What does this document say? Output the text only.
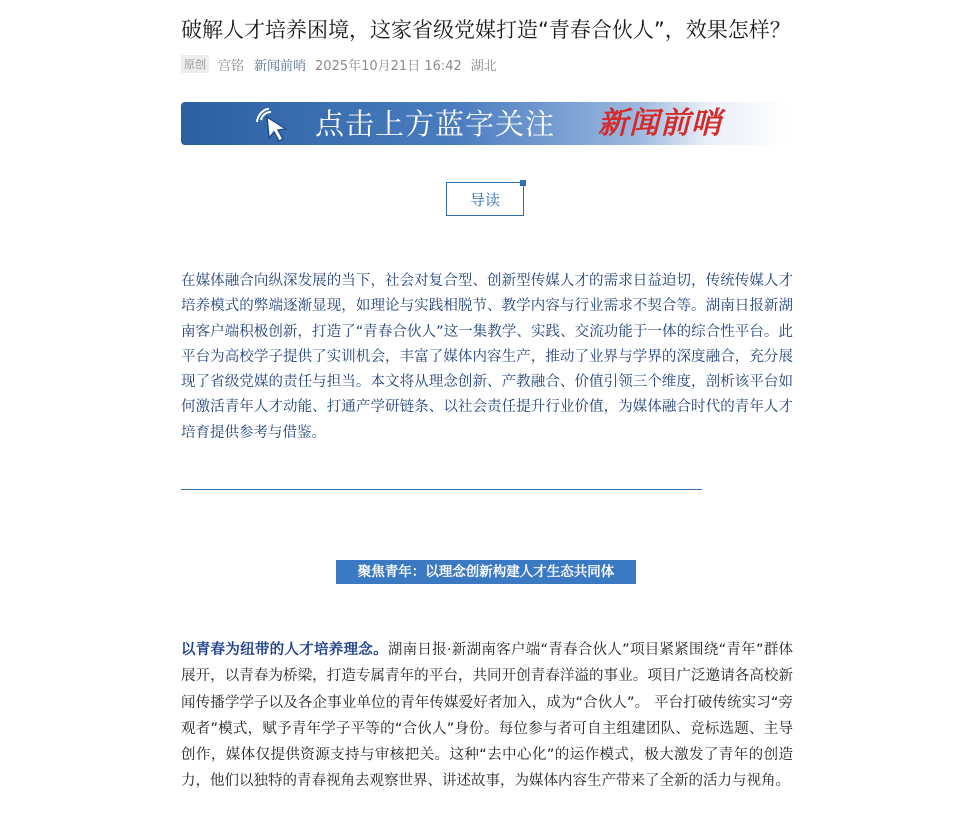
破解人才培养困境，这家省级党媒打造“青春合伙人”，效果怎样？
原创 宫铭 新闻前哨 2025年10月21日 16:42 湖北
点击上方蓝字关注 新闻前哨
导读

在媒体融合向纵深发展的当下，社会对复合型、创新型传媒人才的需求日益迫切，传统传媒人才培养模式的弊端逐渐显现，如理论与实践相脱节、教学内容与行业需求不契合等。湖南日报新湖南客户端积极创新，打造了“青春合伙人”这一集教学、实践、交流功能于一体的综合性平台。此平台为高校学子提供了实训机会，丰富了媒体内容生产，推动了业界与学界的深度融合，充分展现了省级党媒的责任与担当。本文将从理念创新、产教融合、价值引领三个维度，剖析该平台如何激活青年人才动能、打通产学研链条、以社会责任提升行业价值，为媒体融合时代的青年人才培育提供参考与借鉴。

聚焦青年：以理念创新构建人才生态共同体

以青春为纽带的人才培养理念。湖南日报·新湖南客户端“青春合伙人”项目紧紧围绕“青年”群体展开，以青春为桥梁，打造专属青年的平台，共同开创青春洋溢的事业。项目广泛邀请各高校新闻传播学学子以及各企事业单位的青年传媒爱好者加入，成为“合伙人”。 平台打破传统实习“旁观者”模式，赋予青年学子平等的“合伙人”身份。每位参与者可自主组建团队、竞标选题、主导创作，媒体仅提供资源支持与审核把关。这种“去中心化”的运作模式，极大激发了青年的创造力，他们以独特的青春视角去观察世界、讲述故事，为媒体内容生产带来了全新的活力与视角。
